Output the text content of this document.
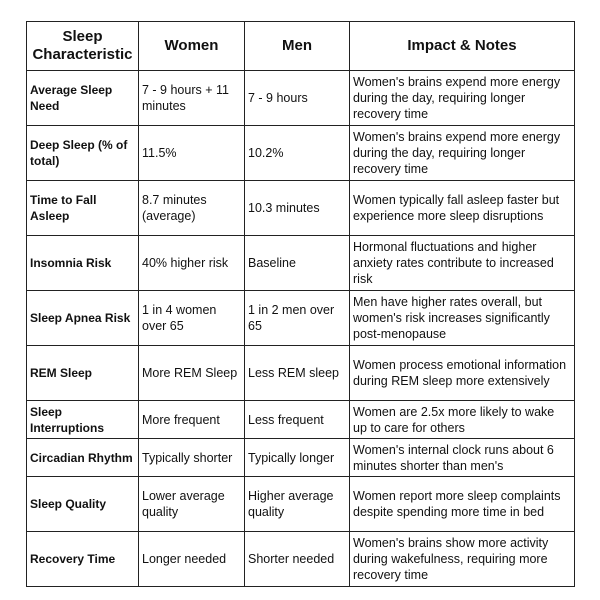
Sleep Characteristic	Women	Men	Impact & Notes
Average Sleep Need	7 - 9 hours + 11 minutes	7 - 9 hours	Women's brains expend more energy during the day, requiring longer recovery time
Deep Sleep (% of total)	11.5%	10.2%	Women's brains expend more energy during the day, requiring longer recovery time
Time to Fall Asleep	8.7 minutes (average)	10.3 minutes	Women typically fall asleep faster but experience more sleep disruptions
Insomnia Risk	40% higher risk	Baseline	Hormonal fluctuations and higher anxiety rates contribute to increased risk
Sleep Apnea Risk	1 in 4 women over 65	1 in 2 men over 65	Men have higher rates overall, but women's risk increases significantly post-menopause
REM Sleep	More REM Sleep	Less REM sleep	Women process emotional information during REM sleep more extensively
Sleep Interruptions	More frequent	Less frequent	Women are 2.5x more likely to wake up to care for others
Circadian Rhythm	Typically shorter	Typically longer	Women's internal clock runs about 6 minutes shorter than men's
Sleep Quality	Lower average quality	Higher average quality	Women report more sleep complaints despite spending more time in bed
Recovery Time	Longer needed	Shorter needed	Women's brains show more activity during wakefulness, requiring more recovery time
